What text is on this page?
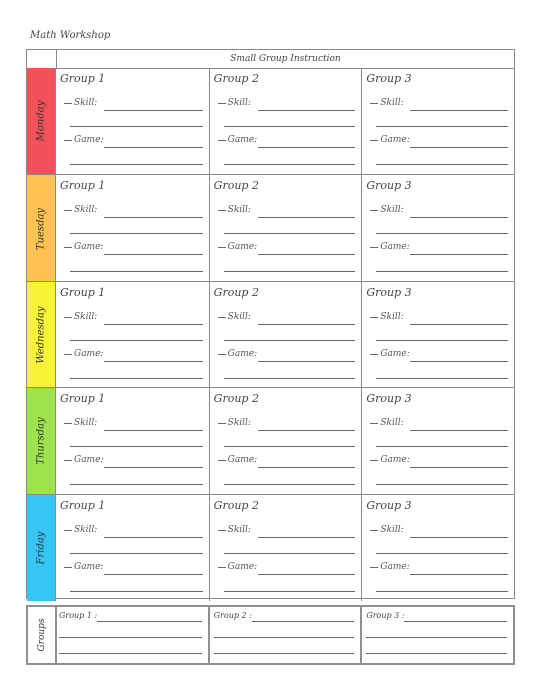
Math Workshop
Small Group Instruction
Monday
Group 1
Skill:
Game:
Group 2
Skill:
Game:
Group 3
Skill:
Game:
Tuesday
Group 1
Skill:
Game:
Group 2
Skill:
Game:
Group 3
Skill:
Game:
Wednesday
Group 1
Skill:
Game:
Group 2
Skill:
Game:
Group 3
Skill:
Game:
Thursday
Group 1
Skill:
Game:
Group 2
Skill:
Game:
Group 3
Skill:
Game:
Friday
Group 1
Skill:
Game:
Group 2
Skill:
Game:
Group 3
Skill:
Game:
Groups
Group 1 :	Group 2 :	Group 3 :
